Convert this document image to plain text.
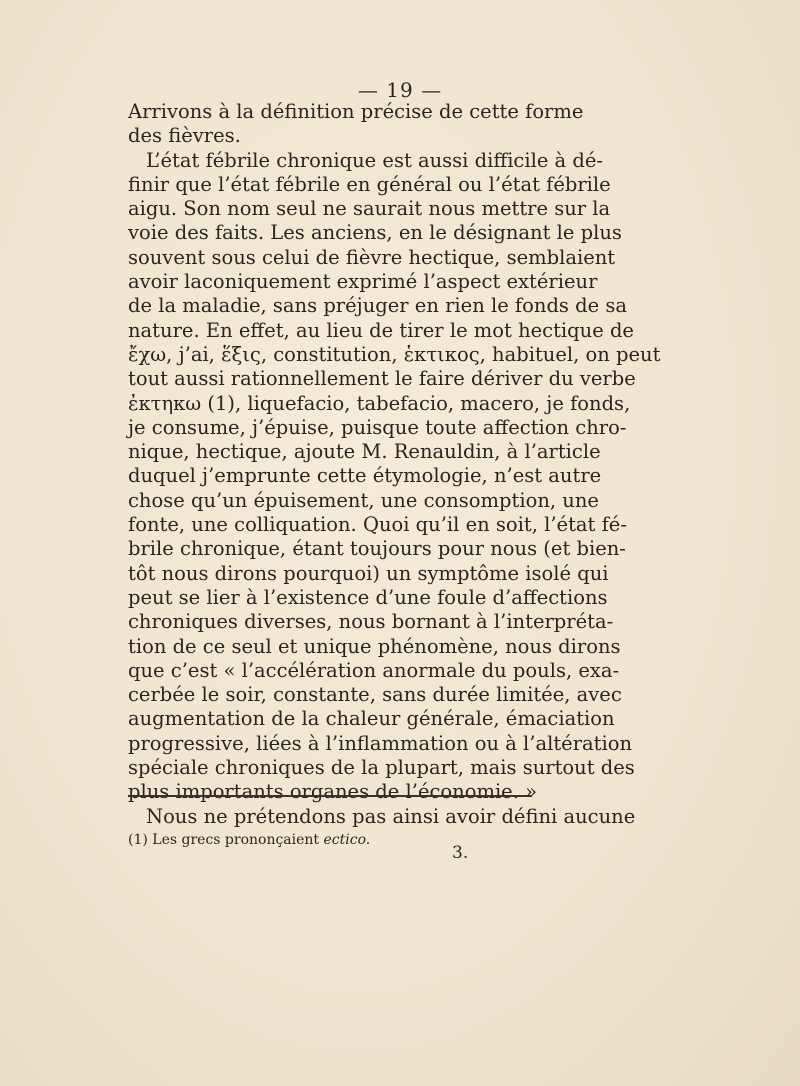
— 19 —
Arrivons à la définition précise de cette forme
des fièvres.
L’état fébrile chronique est aussi difficile à dé-
finir que l’état fébrile en général ou l’état fébrile
aigu. Son nom seul ne saurait nous mettre sur la
voie des faits. Les anciens, en le désignant le plus
souvent sous celui de fièvre hectique, semblaient
avoir laconiquement exprimé l’aspect extérieur
de la maladie, sans préjuger en rien le fonds de sa
nature. En effet, au lieu de tirer le mot hectique de
ἔχω, j’ai, ἕξις, constitution, ἑκτικος, habituel, on peut
tout aussi rationnellement le faire dériver du verbe
ἐκτηκω (1), liquefacio, tabefacio, macero, je fonds,
je consume, j’épuise, puisque toute affection chro-
nique, hectique, ajoute M. Renauldin, à l’article
duquel j’emprunte cette étymologie, n’est autre
chose qu’un épuisement, une consomption, une
fonte, une colliquation. Quoi qu’il en soit, l’état fé-
brile chronique, étant toujours pour nous (et bien-
tôt nous dirons pourquoi) un symptôme isolé qui
peut se lier à l’existence d’une foule d’affections
chroniques diverses, nous bornant à l’interpréta-
tion de ce seul et unique phénomène, nous dirons
que c’est « l’accélération anormale du pouls, exa-
cerbée le soir, constante, sans durée limitée, avec
augmentation de la chaleur générale, émaciation
progressive, liées à l’inflammation ou à l’altération
spéciale chroniques de la plupart, mais surtout des
plus importants organes de l’économie. »
Nous ne prétendons pas ainsi avoir défini aucune
(1) Les grecs prononçaient ectico.
3.
